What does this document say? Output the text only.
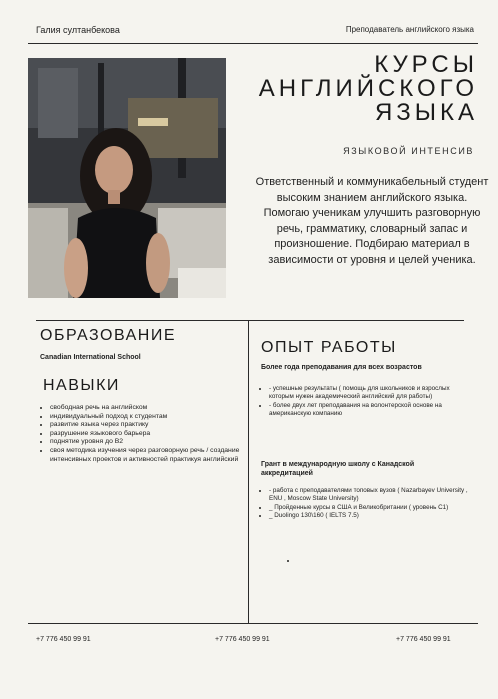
Галия султанбекова	Преподаватель английского языка
КУРСЫ
АНГЛИЙСКОГО
ЯЗЫКА
ЯЗЫКОВОЙ ИНТЕНСИВ
Ответственный и коммуникабельный студент высоким знанием английского языка. Помогаю ученикам улучшить разговорную речь, грамматику, словарный запас и произношение. Подбираю материал в зависимости от уровня и целей ученика.
ОБРАЗОВАНИЕ
Canadian International School
НАВЫКИ
• свободная речь на английском
• индивидуальный подход к студентам
• развитие языка через практику
• разрушение языкового барьера
• поднятие уровня до B2
• своя методика изучения через разговорную речь / создание интенсивных проектов и активностей практикуя английский
ОПЫТ РАБОТЫ
Более года преподавания для всех возрастов
• - успешные результаты ( помощь для школьников и взрослых которым нужен академический английский для работы)
• - более двух лет преподавания на волонтерской основе на американскую компанию
Грант в международную школу с Канадской аккредитацией
• - работа с преподавателями топовых вузов ( Nazarbayev University , ENU , Moscow State University)
• _ Пройденные курсы в США и Великобритании ( уровень C1)
• _ Duolingo 130\160 ( IELTS 7.5)
+7 776 450 99 91	+7 776 450 99 91	+7 776 450 99 91
